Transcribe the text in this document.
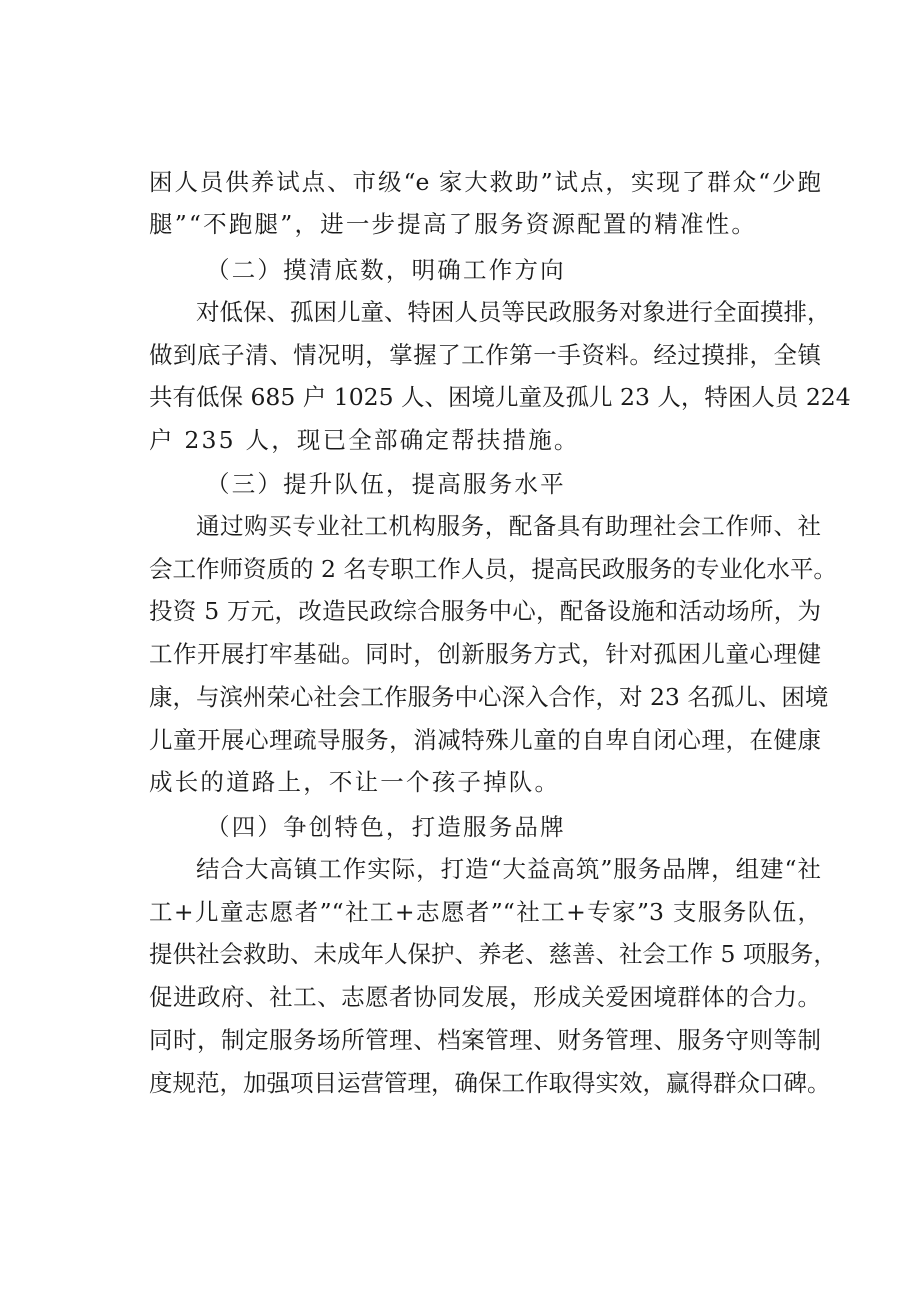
困人员供养试点、市级“e 家大救助”试点，实现了群众“少跑
腿”“不跑腿”，进一步提高了服务资源配置的精准性。
（二）摸清底数，明确工作方向
对低保、孤困儿童、特困人员等民政服务对象进行全面摸排，
做到底子清、情况明，掌握了工作第一手资料。经过摸排，全镇
共有低保 685 户 1025 人、困境儿童及孤儿 23 人，特困人员 224
户 235 人，现已全部确定帮扶措施。
（三）提升队伍，提高服务水平
通过购买专业社工机构服务，配备具有助理社会工作师、社
会工作师资质的 2 名专职工作人员，提高民政服务的专业化水平。
投资 5 万元，改造民政综合服务中心，配备设施和活动场所，为
工作开展打牢基础。同时，创新服务方式，针对孤困儿童心理健
康，与滨州荣心社会工作服务中心深入合作，对 23 名孤儿、困境
儿童开展心理疏导服务，消减特殊儿童的自卑自闭心理，在健康
成长的道路上，不让一个孩子掉队。
（四）争创特色，打造服务品牌
结合大高镇工作实际，打造“大益高筑”服务品牌，组建“社
工+儿童志愿者”“社工+志愿者”“社工+专家”3 支服务队伍，
提供社会救助、未成年人保护、养老、慈善、社会工作 5 项服务，
促进政府、社工、志愿者协同发展，形成关爱困境群体的合力。
同时，制定服务场所管理、档案管理、财务管理、服务守则等制
度规范，加强项目运营管理，确保工作取得实效，赢得群众口碑。
